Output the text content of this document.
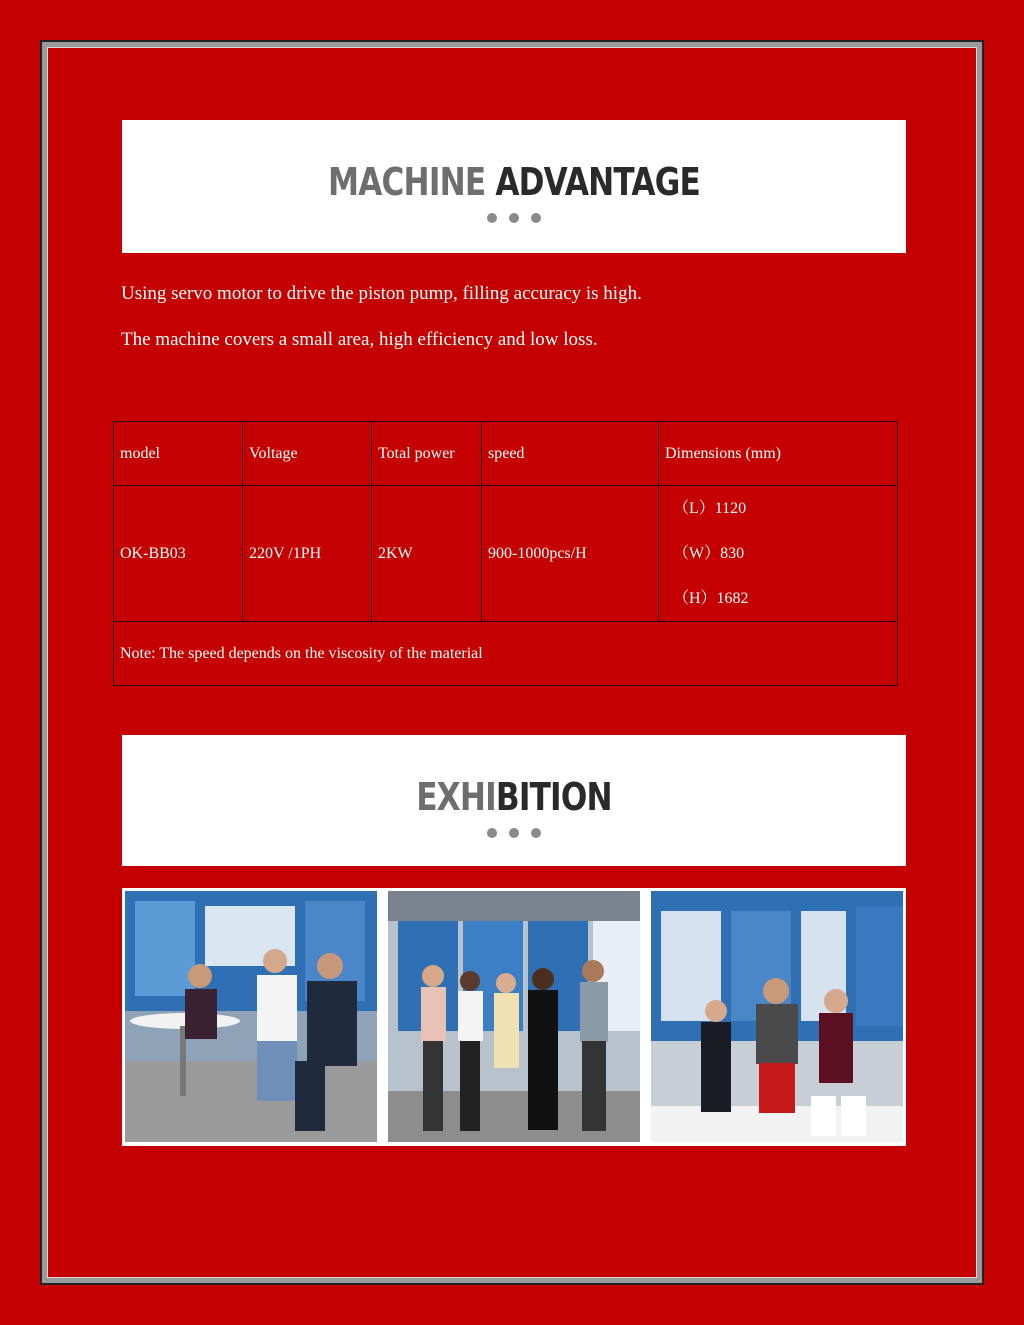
MACHINE ADVANTAGE

Using servo motor to drive the piston pump, filling accuracy is high.

The machine covers a small area, high efficiency and low loss.

model	Voltage	Total power	speed	Dimensions (mm)
OK-BB03	220V /1PH	2KW	900-1000pcs/H	（L）1120
（W）830
（H）1682

Note: The speed depends on the viscosity of the material				
EXHIBITION
